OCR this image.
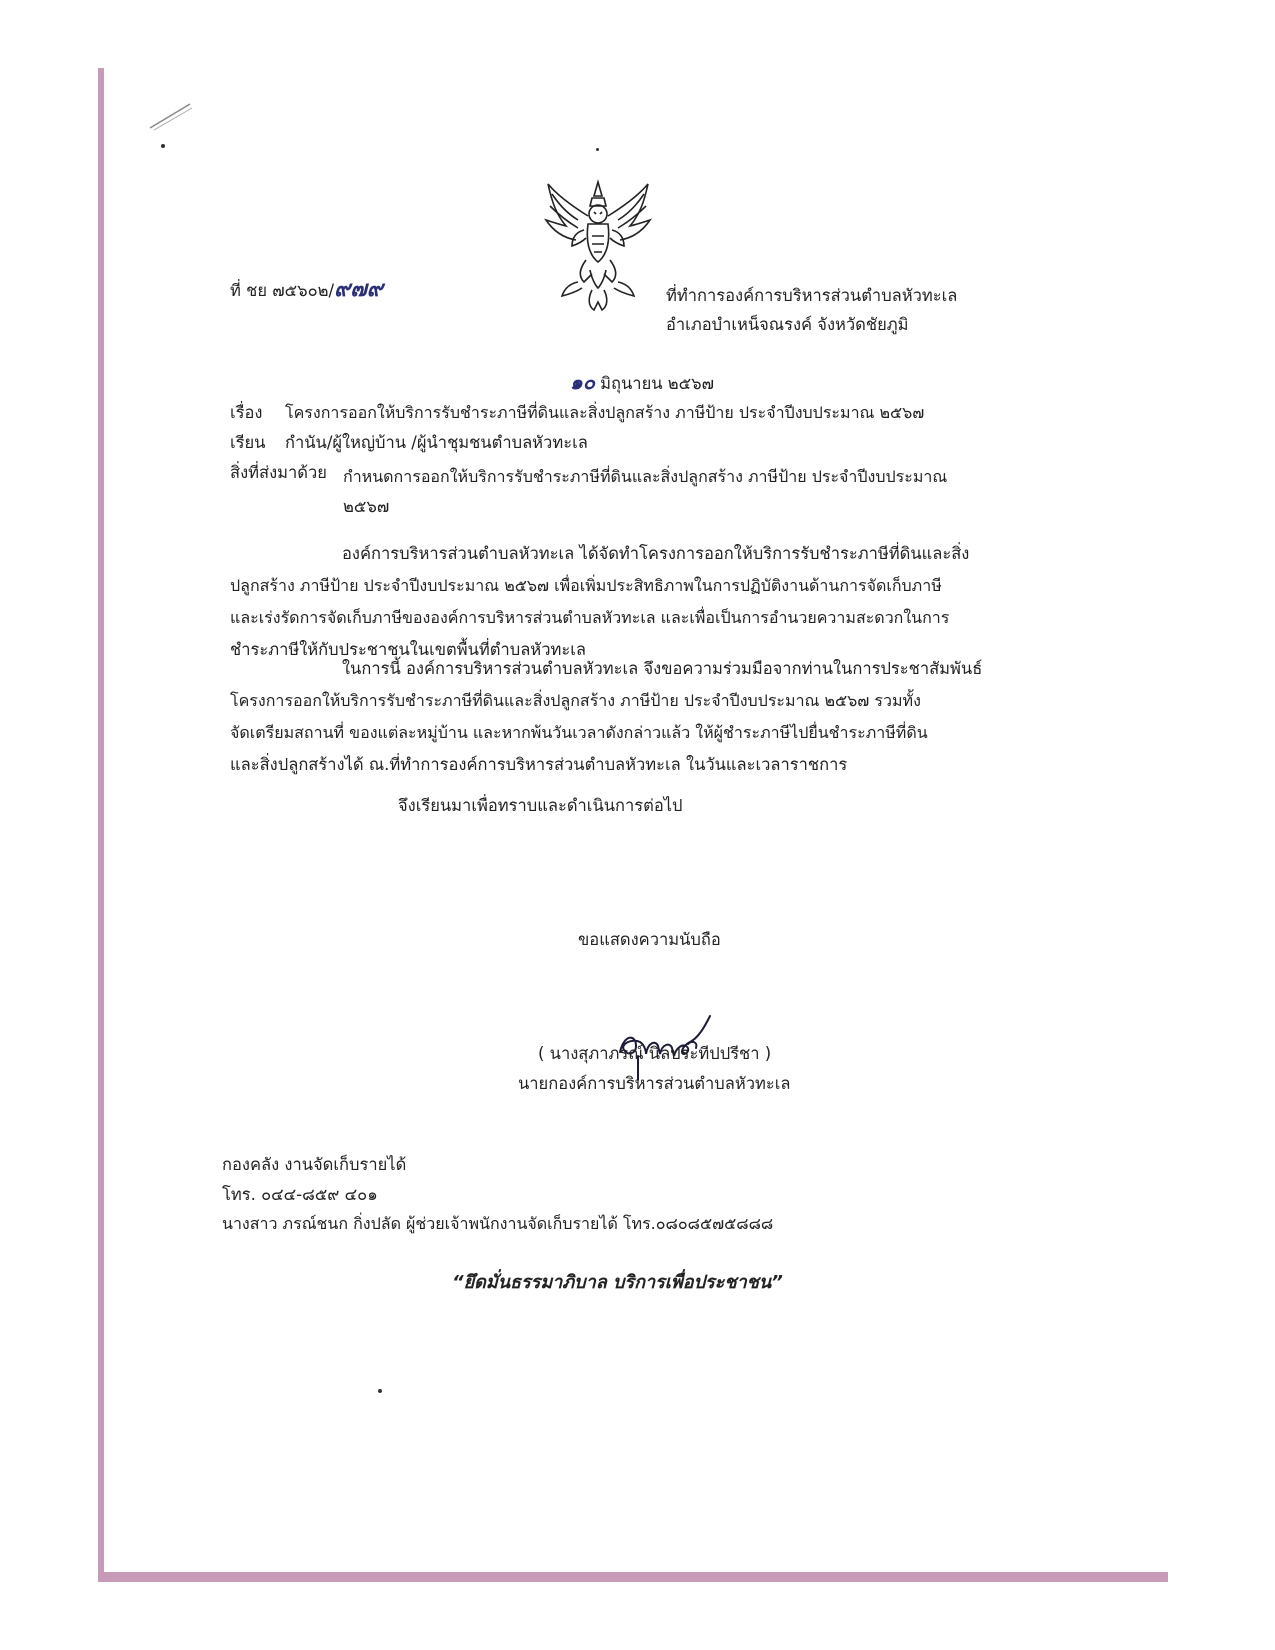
ที่ ชย ๗๕๖๐๒/๙๗๙	ที่ทำการองค์การบริหารส่วนตำบลหัวทะเล
อำเภอบำเหน็จณรงค์ จังหวัดชัยภูมิ
๑๐ มิถุนายน ๒๕๖๗
เรื่อง โครงการออกให้บริการรับชำระภาษีที่ดินและสิ่งปลูกสร้าง ภาษีป้าย ประจำปีงบประมาณ ๒๕๖๗
เรียน กำนัน/ผู้ใหญ่บ้าน /ผู้นำชุมชนตำบลหัวทะเล
สิ่งที่ส่งมาด้วย กำหนดการออกให้บริการรับชำระภาษีที่ดินและสิ่งปลูกสร้าง ภาษีป้าย ประจำปีงบประมาณ
๒๕๖๗
องค์การบริหารส่วนตำบลหัวทะเล ได้จัดทำโครงการออกให้บริการรับชำระภาษีที่ดินและสิ่ง
ปลูกสร้าง ภาษีป้าย ประจำปีงบประมาณ ๒๕๖๗ เพื่อเพิ่มประสิทธิภาพในการปฏิบัติงานด้านการจัดเก็บภาษี
และเร่งรัดการจัดเก็บภาษีขององค์การบริหารส่วนตำบลหัวทะเล และเพื่อเป็นการอำนวยความสะดวกในการ
ชำระภาษีให้กับประชาชนในเขตพื้นที่ตำบลหัวทะเล
ในการนี้ องค์การบริหารส่วนตำบลหัวทะเล จึงขอความร่วมมือจากท่านในการประชาสัมพันธ์
โครงการออกให้บริการรับชำระภาษีที่ดินและสิ่งปลูกสร้าง ภาษีป้าย ประจำปีงบประมาณ ๒๕๖๗ รวมทั้ง
จัดเตรียมสถานที่ ของแต่ละหมู่บ้าน และหากพ้นวันเวลาดังกล่าวแล้ว ให้ผู้ชำระภาษีไปยื่นชำระภาษีที่ดิน
และสิ่งปลูกสร้างได้ ณ.ที่ทำการองค์การบริหารส่วนตำบลหัวทะเล ในวันและเวลาราชการ
จึงเรียนมาเพื่อทราบและดำเนินการต่อไป
ขอแสดงความนับถือ
( นางสุภาภรณ์ นิลประทีปปรีชา )
นายกองค์การบริหารส่วนตำบลหัวทะเล
กองคลัง งานจัดเก็บรายได้
โทร. ๐๔๔-๘๕๙ ๔๐๑
นางสาว ภรณ์ชนก กิ่งปลัด ผู้ช่วยเจ้าพนักงานจัดเก็บรายได้ โทร.๐๘๐๘๕๗๕๘๘๘
“ยึดมั่นธรรมาภิบาล บริการเพื่อประชาชน”
